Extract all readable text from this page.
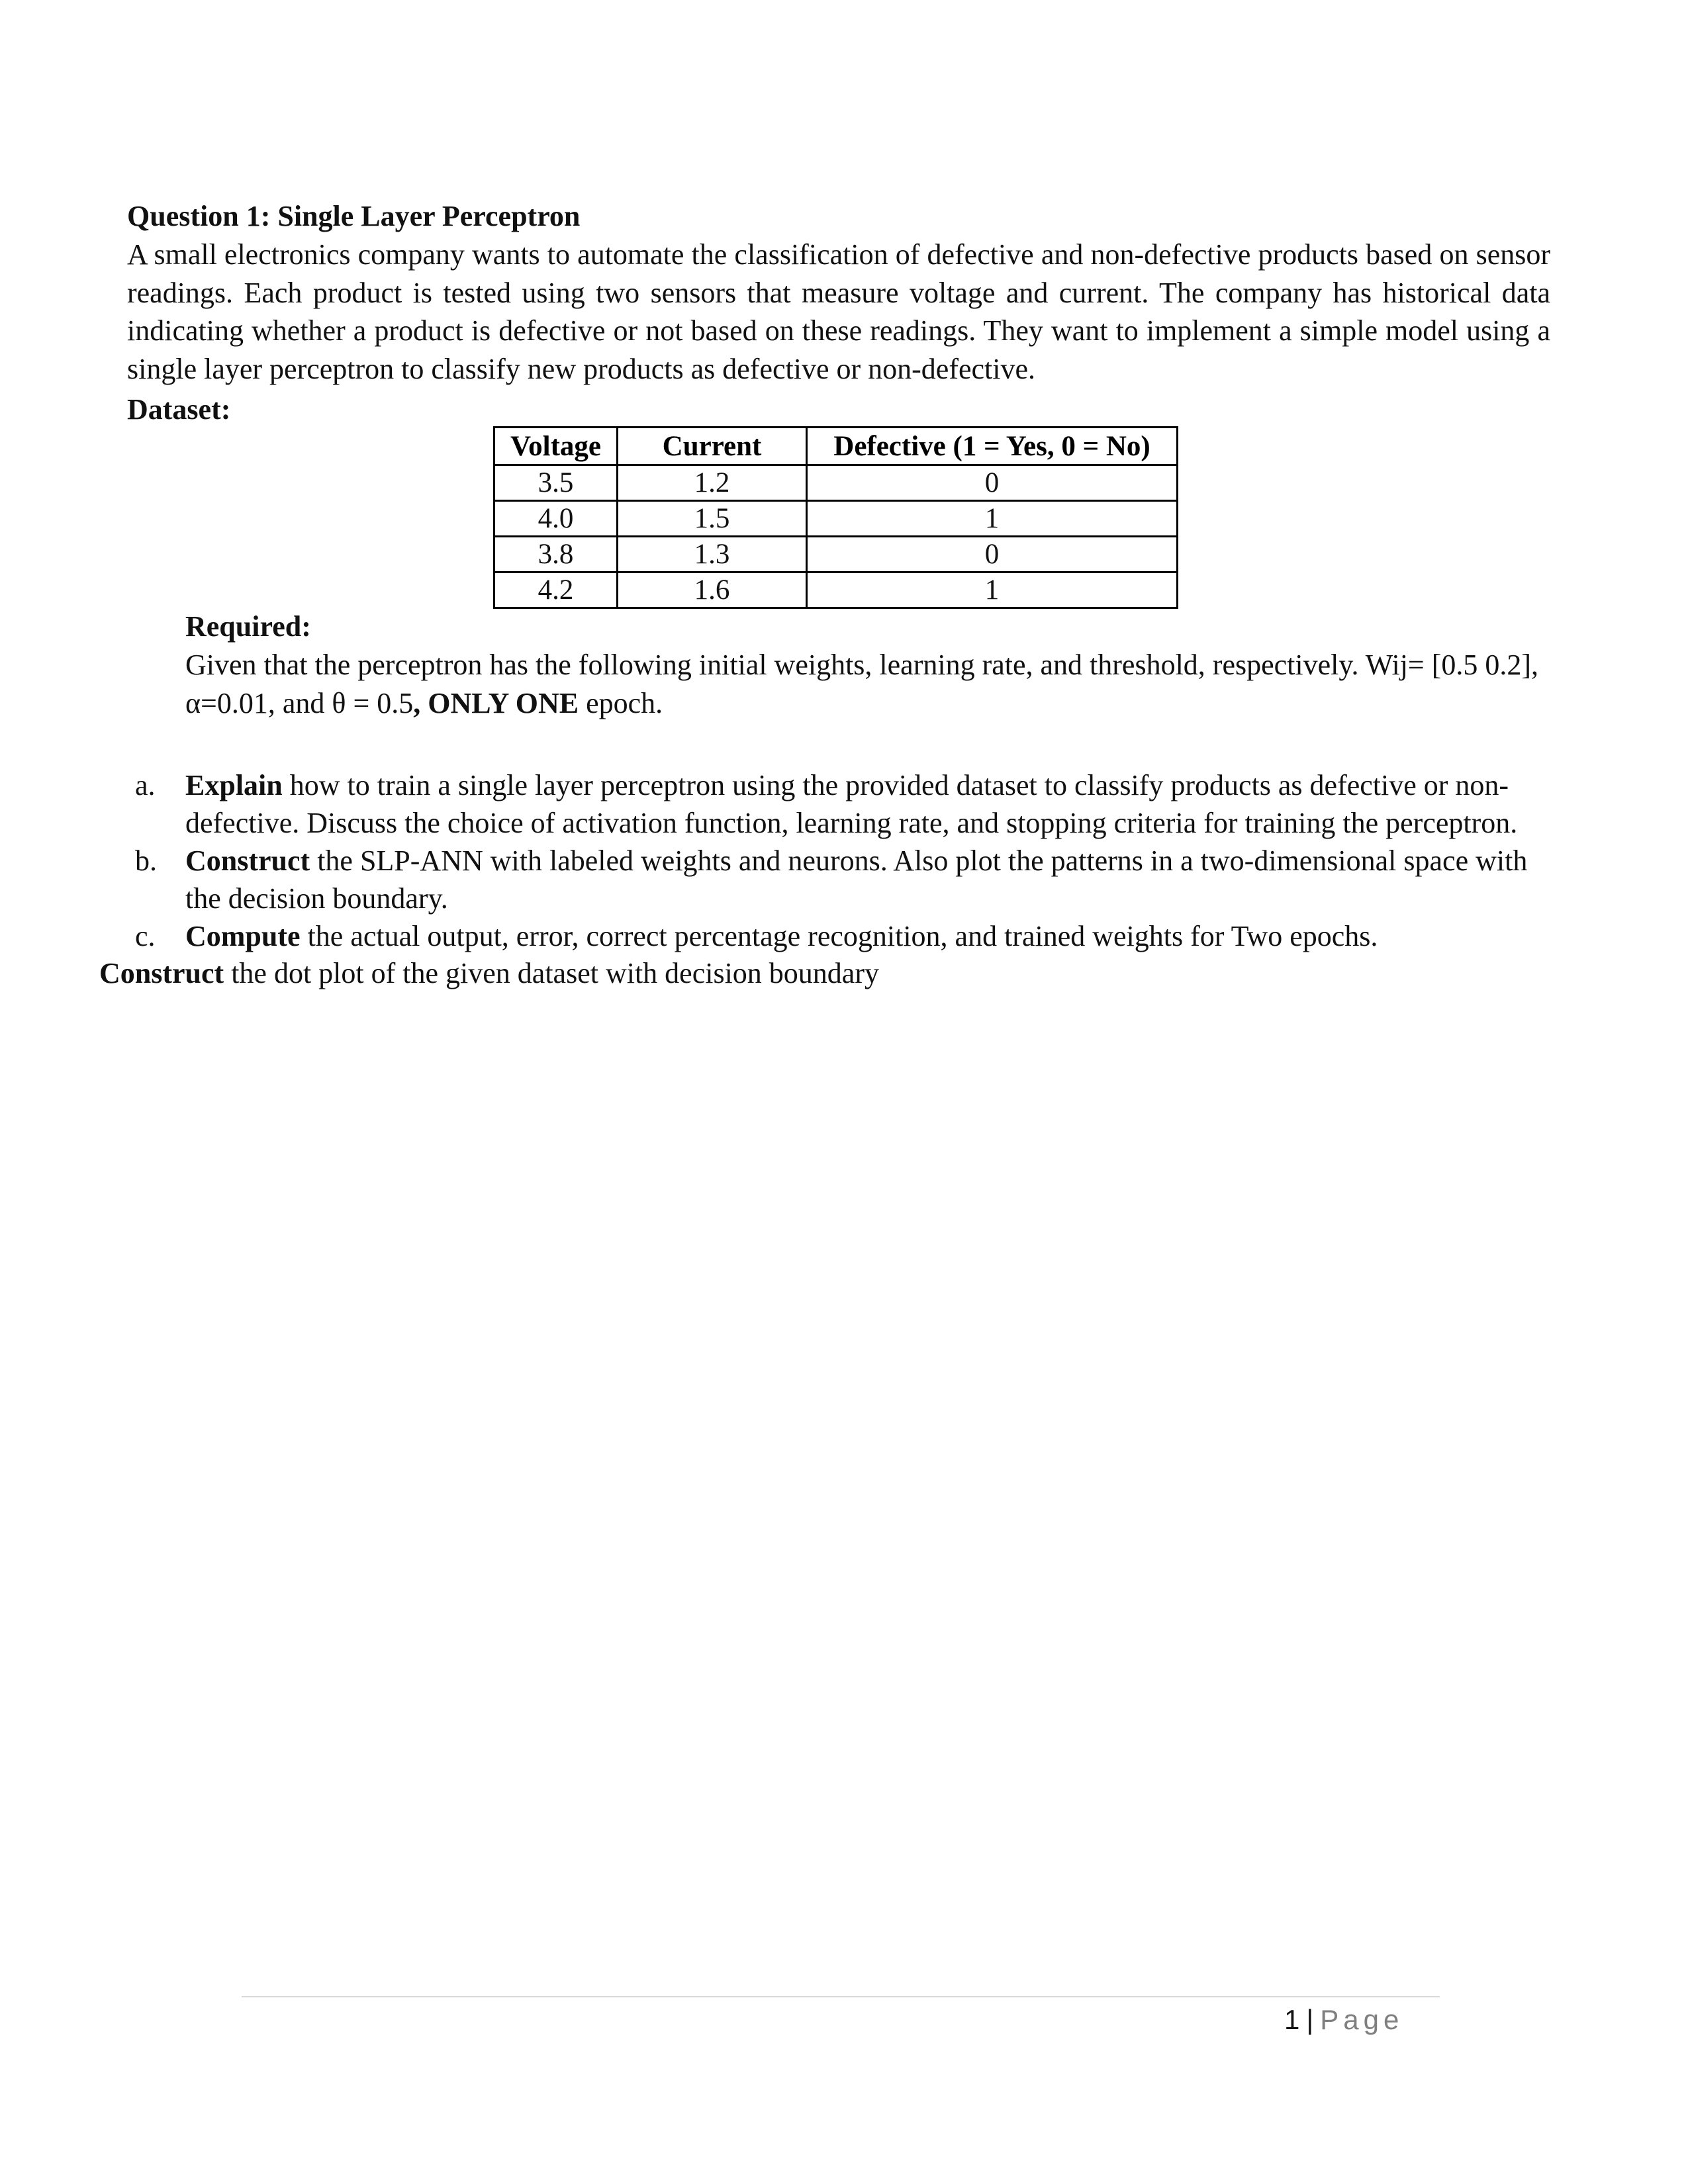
Question 1: Single Layer Perceptron
A small electronics company wants to automate the classification of defective and non-defective products based on sensor readings. Each product is tested using two sensors that measure voltage and current. The company has historical data indicating whether a product is defective or not based on these readings. They want to implement a simple model using a single layer perceptron to classify new products as defective or non-defective.
Dataset:
Voltage	Current	Defective (1 = Yes, 0 = No)
3.5	1.2	0
4.0	1.5	1
3.8	1.3	0
4.2	1.6	1
Required:
Given that the perceptron has the following initial weights, learning rate, and threshold, respectively. Wij= [0.5 0.2], α=0.01, and θ = 0.5, ONLY ONE epoch.
a.	Explain how to train a single layer perceptron using the provided dataset to classify products as defective or non-defective. Discuss the choice of activation function, learning rate, and stopping criteria for training the perceptron.
b. Construct the SLP-ANN with labeled weights and neurons. Also plot the patterns in a two-dimensional space with the decision boundary.
c.	Compute the actual output, error, correct percentage recognition, and trained weights for Two epochs.
Construct the dot plot of the given dataset with decision boundary
1 | Page
